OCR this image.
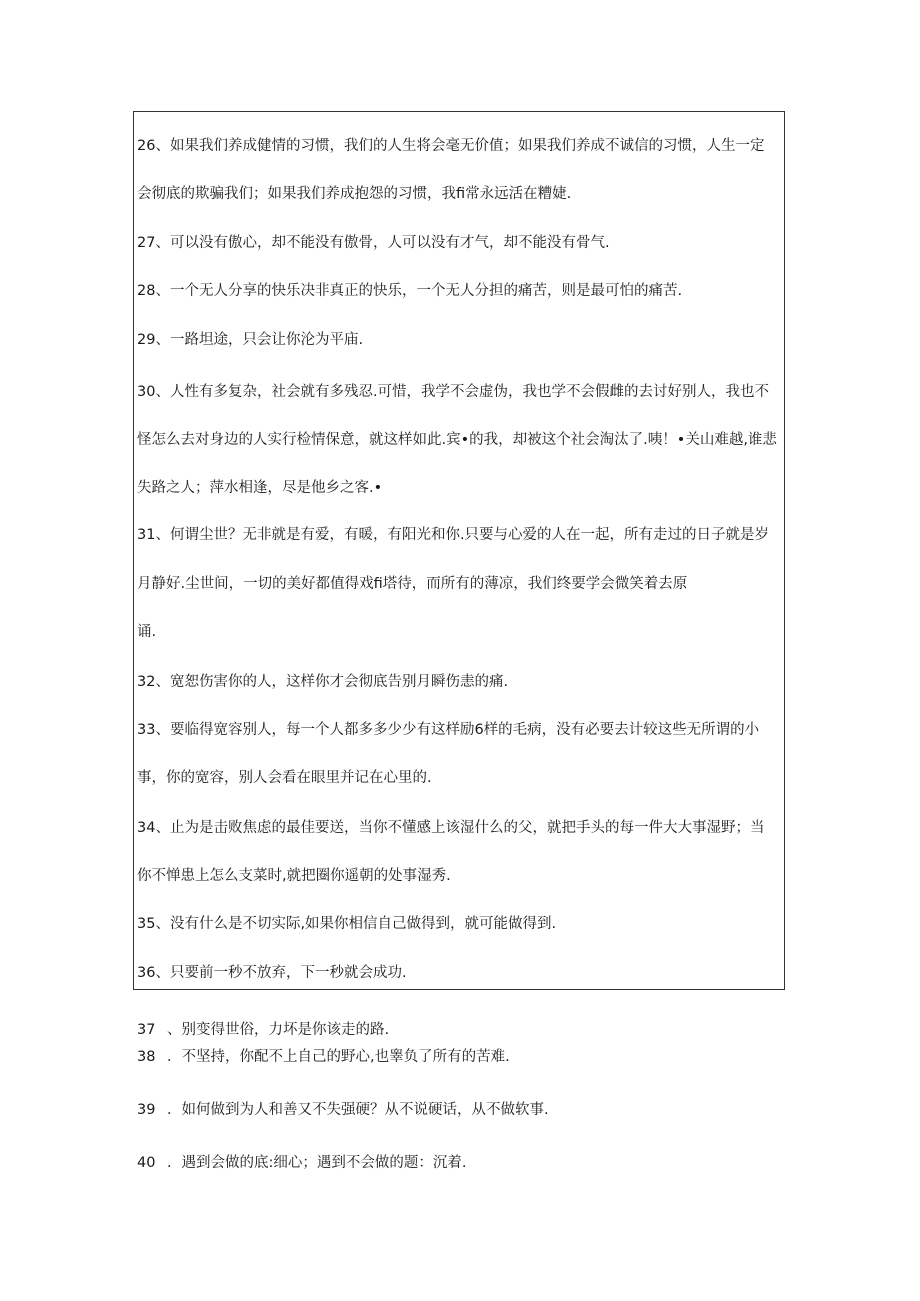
26、如果我们养成健情的习惯，我们的人生将会毫无价值；如果我们养成不诚信的习惯，人生一定

会彻底的欺骗我们；如果我们养成抱怨的习惯，我fi常永远活在糟婕.

27、可以没有傲心，却不能没有傲骨，人可以没有才气，却不能没有骨气.

28、一个无人分享的快乐决非真正的快乐，一个无人分担的痛苦，则是最可怕的痛苦.

29、一路坦途，只会让你沦为平庙.

30、人性有多复杂，社会就有多残忍.可惜，我学不会虚伪，我也学不会假雌的去讨好别人，我也不

怪怎么去对身边的人实行检情保意，就这样如此.宾•的我，却被这个社会淘汰了.咦！•关山难越,谁悲

失路之人；萍水相逢，尽是他乡之客.•

31、何谓尘世？无非就是有爱，有暖，有阳光和你.只要与心爱的人在一起，所有走过的日子就是岁

月静好.尘世间，一切的美好都值得戏fi塔待，而所有的薄凉，我们终要学会微笑着去原

诵.

32、宽恕伤害你的人，这样你才会彻底告别月瞬伤恚的痛.

33、要临得宽容别人，每一个人都多多少少有这样励6样的毛病，没有必要去计较这些无所谓的小

事，你的宽容，别人会看在眼里并记在心里的.

34、止为是击败焦虑的最佳要送，当你不懂感上该湿什么的父，就把手头的每一件大大事湿野；当

你不惮患上怎么支菜时,就把圈你遥朝的处事湿秀.

35、没有什么是不切实际,如果你相信自己做得到，就可能做得到.

36、只要前一秒不放弃，下一秒就会成功.

37 、别变得世俗，力坏是你该走的路.

38 ．不坚持，你配不上自己的野心,也睾负了所有的苦难.

39 ．如何做到为人和善又不失强硬？从不说硬话，从不做软事.

40 ．遇到会做的底:细心；遇到不会做的题：沉着.
